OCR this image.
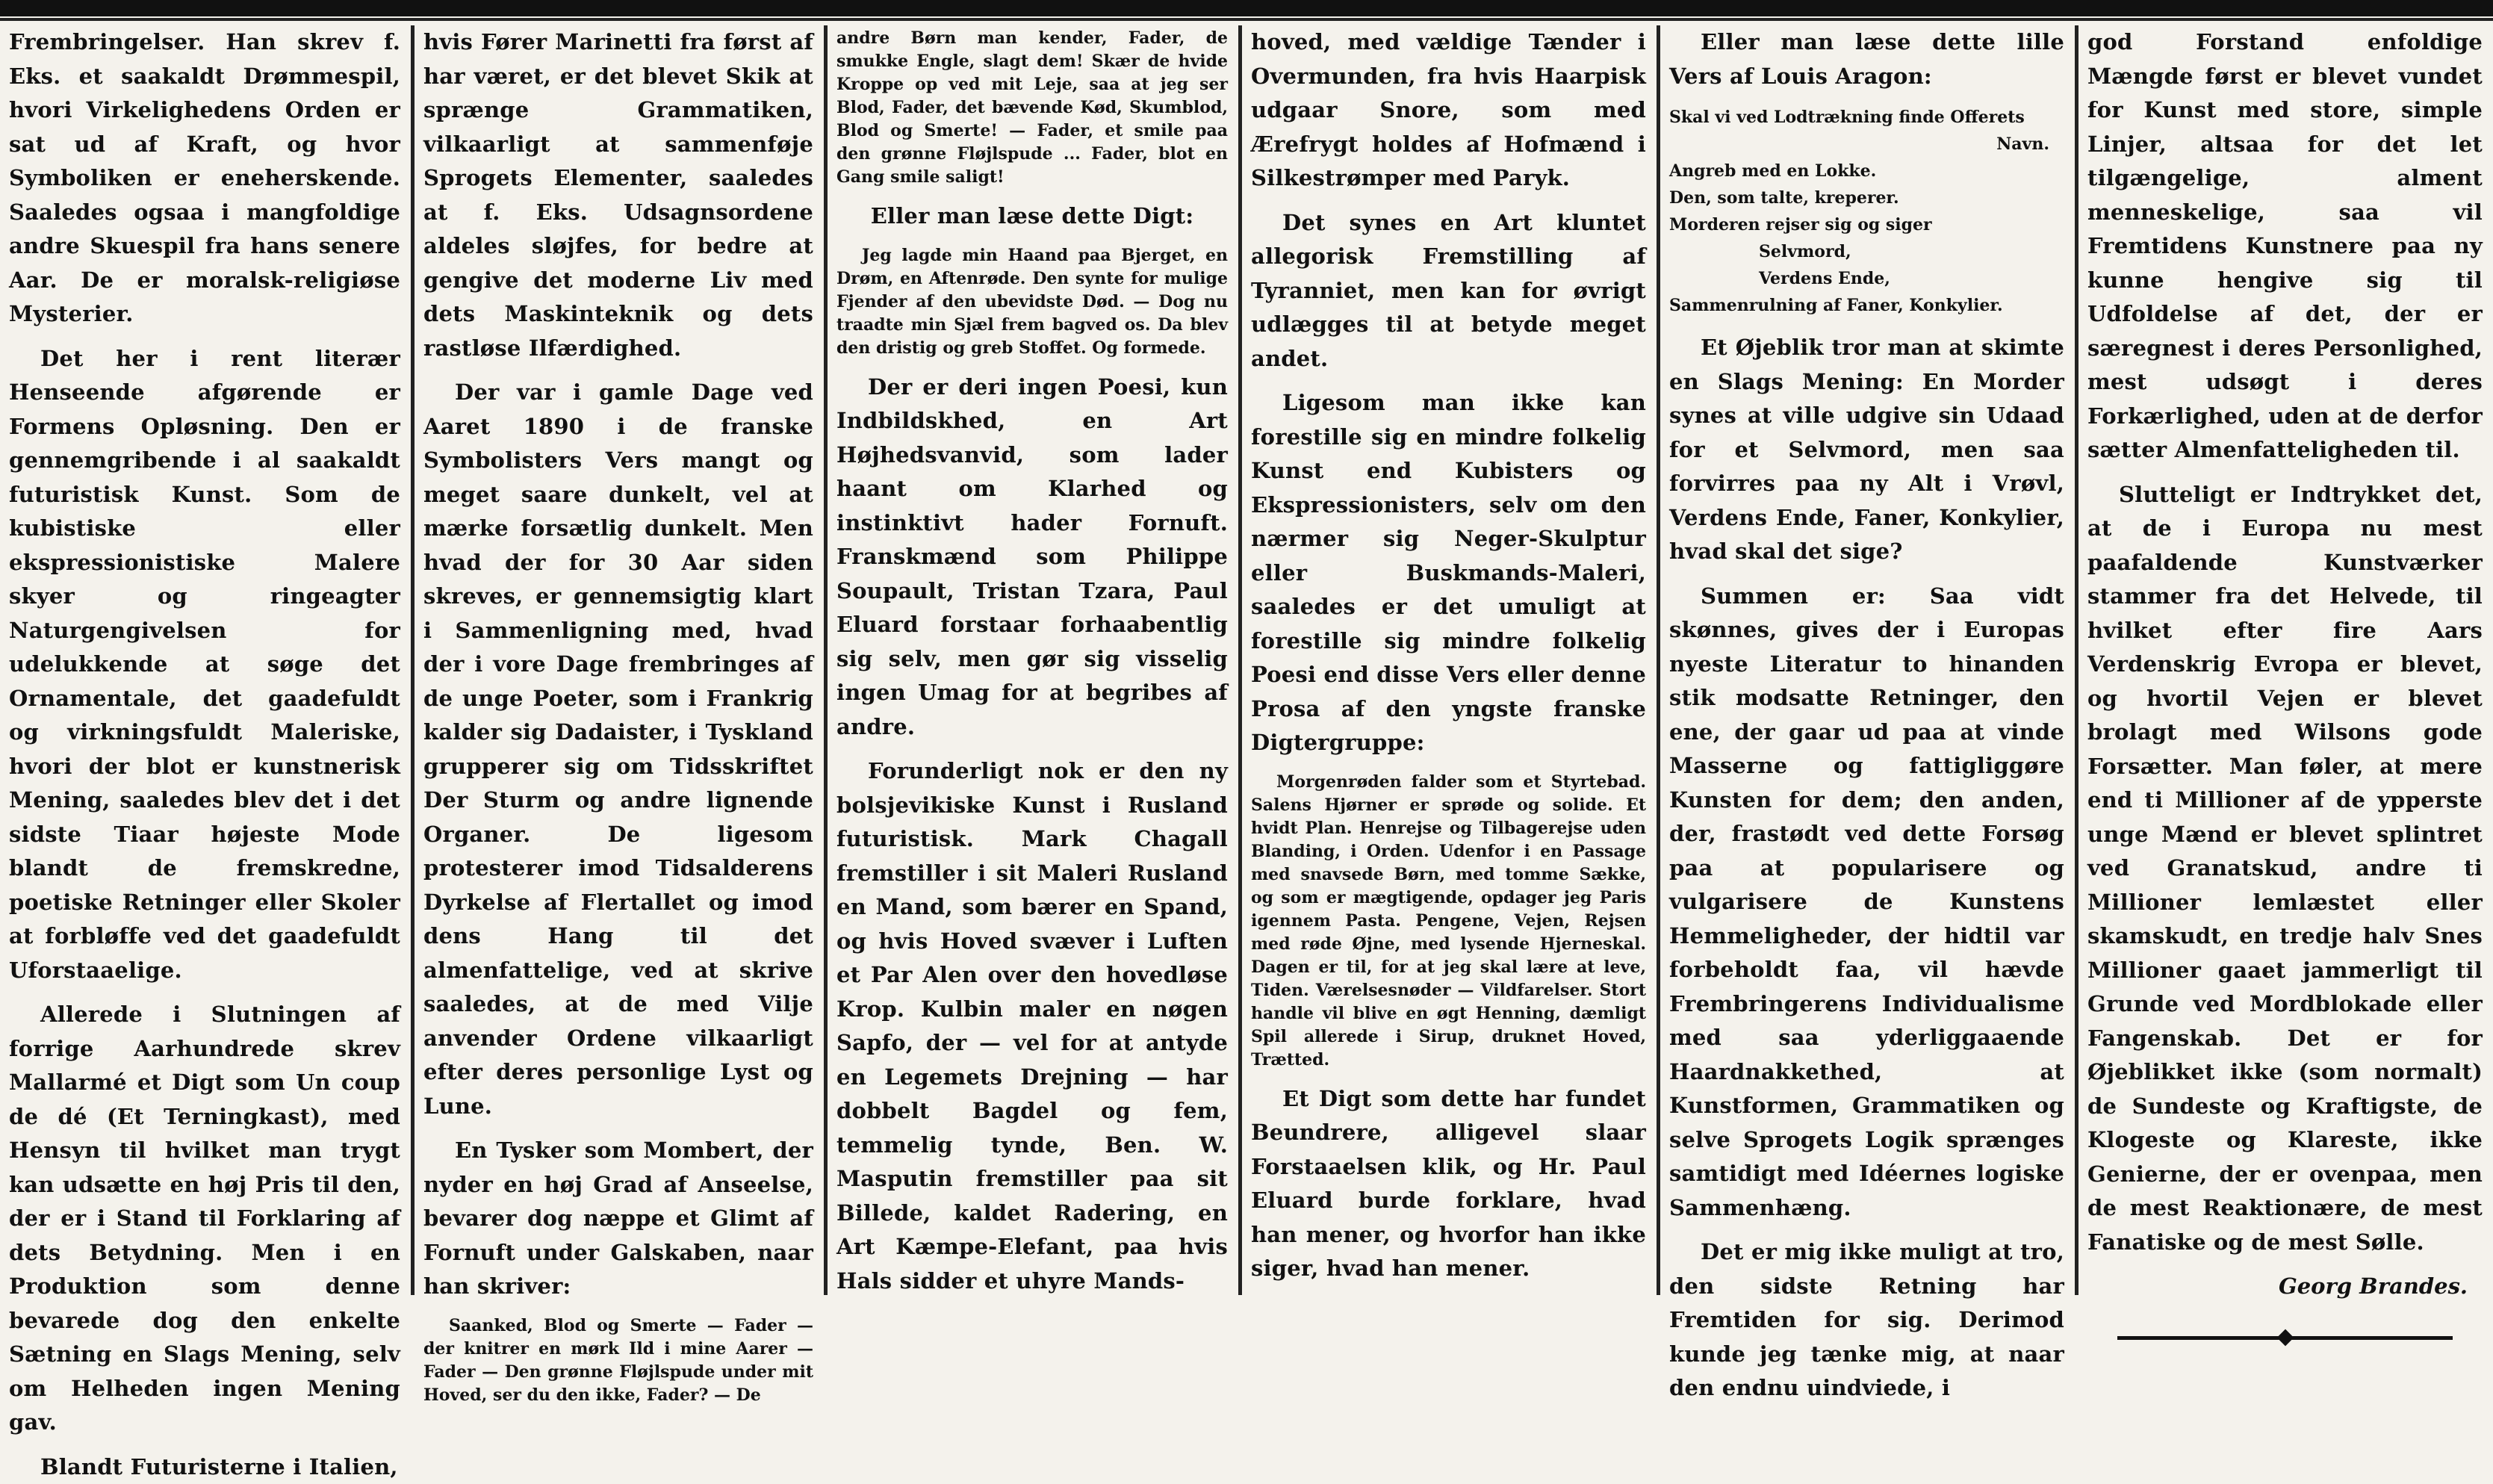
Frembringelser. Han skrev f. Eks. et saakaldt Drømmespil, hvori Virkelighedens Orden er sat ud af Kraft, og hvor Symboliken er eneherskende. Saaledes ogsaa i mangfoldige andre Skuespil fra hans senere Aar. De er moralsk-religiøse Mysterier.

Det her i rent literær Henseende afgørende er Formens Opløsning. Den er gennemgribende i al saakaldt futuristisk Kunst. Som de kubistiske eller ekspressionistiske Malere skyer og ringeagter Naturgengivelsen for udelukkende at søge det Ornamentale, det gaadefuldt og virkningsfuldt Maleriske, hvori der blot er kunstnerisk Mening, saaledes blev det i det sidste Tiaar højeste Mode blandt de fremskredne, poetiske Retninger eller Skoler at forbløffe ved det gaadefuldt Uforstaaelige.

Allerede i Slutningen af forrige Aarhundrede skrev Mallarmé et Digt som Un coup de dé (Et Terningkast), med Hensyn til hvilket man trygt kan udsætte en høj Pris til den, der er i Stand til Forklaring af dets Betydning. Men i en Produktion som denne bevarede dog den enkelte Sætning en Slags Mening, selv om Helheden ingen Mening gav.

Blandt Futuristerne i Italien,

hvis Fører Marinetti fra først af har været, er det blevet Skik at sprænge Grammatiken, vilkaarligt at sammenføje Sprogets Elementer, saaledes at f. Eks. Udsagnsordene aldeles sløjfes, for bedre at gengive det moderne Liv med dets Maskinteknik og dets rastløse Ilfærdighed.

Der var i gamle Dage ved Aaret 1890 i de franske Symbolisters Vers mangt og meget saare dunkelt, vel at mærke forsætlig dunkelt. Men hvad der for 30 Aar siden skreves, er gennemsigtig klart i Sammenligning med, hvad der i vore Dage frembringes af de unge Poeter, som i Frankrig kalder sig Dadaister, i Tyskland grupperer sig om Tidsskriftet Der Sturm og andre lignende Organer. De ligesom protesterer imod Tidsalderens Dyrkelse af Flertallet og imod dens Hang til det almenfattelige, ved at skrive saaledes, at de med Vilje anvender Ordene vilkaarligt efter deres personlige Lyst og Lune.

En Tysker som Mombert, der nyder en høj Grad af Anseelse, bevarer dog næppe et Glimt af Fornuft under Galskaben, naar han skriver:

Saanked, Blod og Smerte — Fader — der knitrer en mørk Ild i mine Aarer — Fader — Den grønne Fløjlspude under mit Hoved, ser du den ikke, Fader? — De
andre Børn man kender, Fader, de smukke Engle, slagt dem! Skær de hvide Kroppe op ved mit Leje, saa at jeg ser Blod, Fader, det bævende Kød, Skumblod, Blod og Smerte! — Fader, et smile paa den grønne Fløjlspude ... Fader, blot en Gang smile saligt!

Eller man læse dette Digt:

Jeg lagde min Haand paa Bjerget, en Drøm, en Aftenrøde. Den synte for mulige Fjender af den ubevidste Død. — Dog nu traadte min Sjæl frem bagved os. Da blev den dristig og greb Stoffet. Og formede.

Der er deri ingen Poesi, kun Indbildskhed, en Art Højhedsvanvid, som lader haant om Klarhed og instinktivt hader Fornuft. Franskmænd som Philippe Soupault, Tristan Tzara, Paul Eluard forstaar forhaabentlig sig selv, men gør sig visselig ingen Umag for at begribes af andre.

Forunderligt nok er den ny bolsjevikiske Kunst i Rusland futuristisk. Mark Chagall fremstiller i sit Maleri Rusland en Mand, som bærer en Spand, og hvis Hoved svæver i Luften et Par Alen over den hovedløse Krop. Kulbin maler en nøgen Sapfo, der — vel for at antyde en Legemets Drejning — har dobbelt Bagdel og fem, temmelig tynde, Ben. W. Masputin fremstiller paa sit Billede, kaldet Radering, en Art Kæmpe-Elefant, paa hvis Hals sidder et uhyre Mands-

hoved, med vældige Tænder i Overmunden, fra hvis Haarpisk udgaar Snore, som med Ærefrygt holdes af Hofmænd i Silkestrømper med Paryk.

Det synes en Art kluntet allegorisk Fremstilling af Tyranniet, men kan for øvrigt udlægges til at betyde meget andet.

Ligesom man ikke kan forestille sig en mindre folkelig Kunst end Kubisters og Ekspressionisters, selv om den nærmer sig Neger-Skulptur eller Buskmands-Maleri, saaledes er det umuligt at forestille sig mindre folkelig Poesi end disse Vers eller denne Prosa af den yngste franske Digtergruppe:

Morgenrøden falder som et Styrtebad. Salens Hjørner er sprøde og solide. Et hvidt Plan. Henrejse og Tilbagerejse uden Blanding, i Orden. Udenfor i en Passage med snavsede Børn, med tomme Sække, og som er mægtigende, opdager jeg Paris igennem Pasta. Pengene, Vejen, Rejsen med røde Øjne, med lysende Hjerneskal. Dagen er til, for at jeg skal lære at leve, Tiden. Værelsesnøder — Vildfarelser. Stort handle vil blive en øgt Henning, dæmligt Spil allerede i Sirup, druknet Hoved, Trætted.

Et Digt som dette har fundet Beundrere, alligevel slaar Forstaaelsen klik, og Hr. Paul Eluard burde forklare, hvad han mener, og hvorfor han ikke siger, hvad han mener.

Eller man læse dette lille Vers af Louis Aragon:

Skal vi ved Lodtrækning finde Offerets
Navn.
Angreb med en Lokke.
Den, som talte, kreperer.
Morderen rejser sig og siger
Selvmord,
Verdens Ende,
Sammenrulning af Faner, Konkylier.

Et Øjeblik tror man at skimte en Slags Mening: En Morder synes at ville udgive sin Udaad for et Selvmord, men saa forvirres paa ny Alt i Vrøvl, Verdens Ende, Faner, Konkylier, hvad skal det sige?

Summen er: Saa vidt skønnes, gives der i Europas nyeste Literatur to hinanden stik modsatte Retninger, den ene, der gaar ud paa at vinde Masserne og fattigliggøre Kunsten for dem; den anden, der, frastødt ved dette Forsøg paa at popularisere og vulgarisere de Kunstens Hemmeligheder, der hidtil var forbeholdt faa, vil hævde Frembringerens Individualisme med saa yderliggaaende Haardnakkethed, at Kunstformen, Grammatiken og selve Sprogets Logik sprænges samtidigt med Idéernes logiske Sammenhæng.

Det er mig ikke muligt at tro, den sidste Retning har Fremtiden for sig. Derimod kunde jeg tænke mig, at naar den endnu uindviede, i

god Forstand enfoldige Mængde først er blevet vundet for Kunst med store, simple Linjer, altsaa for det let tilgængelige, alment menneskelige, saa vil Fremtidens Kunstnere paa ny kunne hengive sig til Udfoldelse af det, der er særegnest i deres Personlighed, mest udsøgt i deres Forkærlighed, uden at de derfor sætter Almenfatteligheden til.

Slutteligt er Indtrykket det, at de i Europa nu mest paafaldende Kunstværker stammer fra det Helvede, til hvilket efter fire Aars Verdenskrig Evropa er blevet, og hvortil Vejen er blevet brolagt med Wilsons gode Forsætter. Man føler, at mere end ti Millioner af de ypperste unge Mænd er blevet splintret ved Granatskud, andre ti Millioner lemlæstet eller skamskudt, en tredje halv Snes Millioner gaaet jammerligt til Grunde ved Mordblokade eller Fangenskab. Det er for Øjeblikket ikke (som normalt) de Sundeste og Kraftigste, de Klogeste og Klareste, ikke Genierne, der er ovenpaa, men de mest Reaktionære, de mest Fanatiske og de mest Sølle.

Georg Brandes.
